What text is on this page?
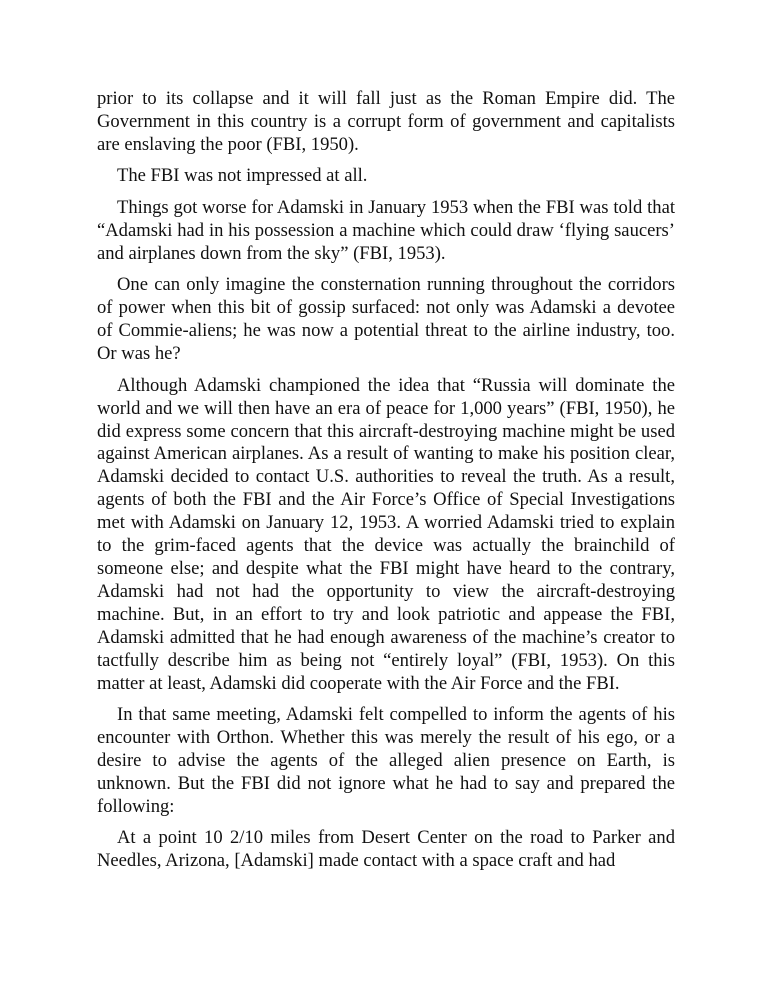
prior to its collapse and it will fall just as the Roman Empire did. The Government in this country is a corrupt form of government and capitalists are enslaving the poor (FBI, 1950).

The FBI was not impressed at all.

Things got worse for Adamski in January 1953 when the FBI was told that “Adamski had in his possession a machine which could draw ‘flying saucers’ and airplanes down from the sky” (FBI, 1953).

One can only imagine the consternation running throughout the corridors of power when this bit of gossip surfaced: not only was Adamski a devotee of Commie-aliens; he was now a potential threat to the airline industry, too. Or was he?

Although Adamski championed the idea that “Russia will dominate the world and we will then have an era of peace for 1,000 years” (FBI, 1950), he did express some concern that this aircraft-destroying machine might be used against American airplanes. As a result of wanting to make his position clear, Adamski decided to contact U.S. authorities to reveal the truth. As a result, agents of both the FBI and the Air Force’s Office of Special Investigations met with Adamski on January 12, 1953. A worried Adamski tried to explain to the grim-faced agents that the device was actually the brainchild of someone else; and despite what the FBI might have heard to the contrary, Adamski had not had the opportunity to view the aircraft-destroying machine. But, in an effort to try and look patriotic and appease the FBI, Adamski admitted that he had enough awareness of the machine’s creator to tactfully describe him as being not “entirely loyal” (FBI, 1953). On this matter at least, Adamski did cooperate with the Air Force and the FBI.

In that same meeting, Adamski felt compelled to inform the agents of his encounter with Orthon. Whether this was merely the result of his ego, or a desire to advise the agents of the alleged alien presence on Earth, is unknown. But the FBI did not ignore what he had to say and prepared the following:

At a point 10 2/10 miles from Desert Center on the road to Parker and Needles, Arizona, [Adamski] made contact with a space craft and had
